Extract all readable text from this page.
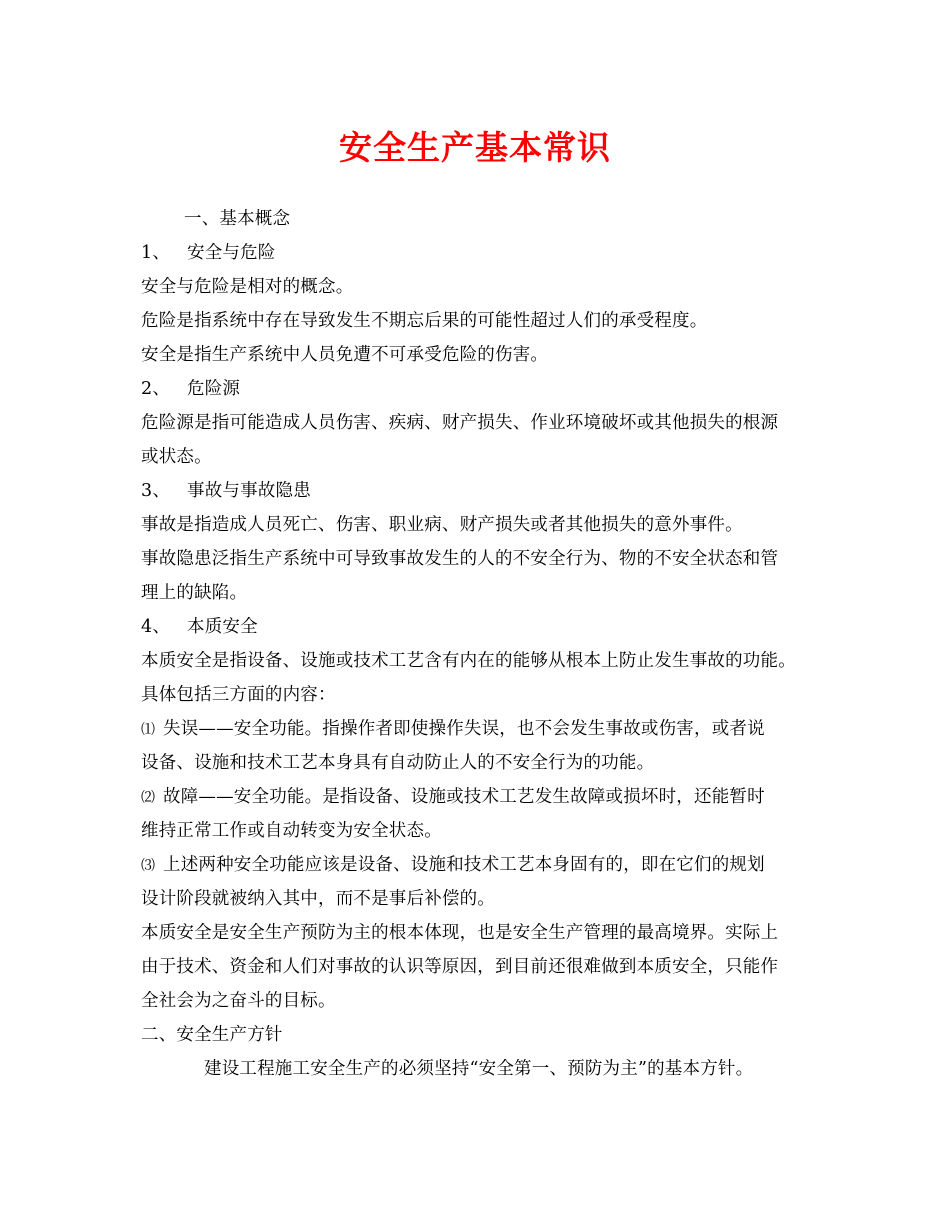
安全生产基本常识
一、基本概念
1、 安全与危险
安全与危险是相对的概念。
危险是指系统中存在导致发生不期忘后果的可能性超过人们的承受程度。
安全是指生产系统中人员免遭不可承受危险的伤害。
2、 危险源
危险源是指可能造成人员伤害、疾病、财产损失、作业环境破坏或其他损失的根源
或状态。
3、 事故与事故隐患
事故是指造成人员死亡、伤害、职业病、财产损失或者其他损失的意外事件。
事故隐患泛指生产系统中可导致事故发生的人的不安全行为、物的不安全状态和管
理上的缺陷。
4、 本质安全
本质安全是指设备、设施或技术工艺含有内在的能够从根本上防止发生事故的功能。
具体包括三方面的内容：
⑴ 失误——安全功能。指操作者即使操作失误，也不会发生事故或伤害，或者说
设备、设施和技术工艺本身具有自动防止人的不安全行为的功能。
⑵ 故障——安全功能。是指设备、设施或技术工艺发生故障或损坏时，还能暂时
维持正常工作或自动转变为安全状态。
⑶ 上述两种安全功能应该是设备、设施和技术工艺本身固有的，即在它们的规划
设计阶段就被纳入其中，而不是事后补偿的。
本质安全是安全生产预防为主的根本体现，也是安全生产管理的最高境界。实际上
由于技术、资金和人们对事故的认识等原因，到目前还很难做到本质安全，只能作
全社会为之奋斗的目标。
二、安全生产方针
建设工程施工安全生产的必须坚持“安全第一、预防为主”的基本方针。
